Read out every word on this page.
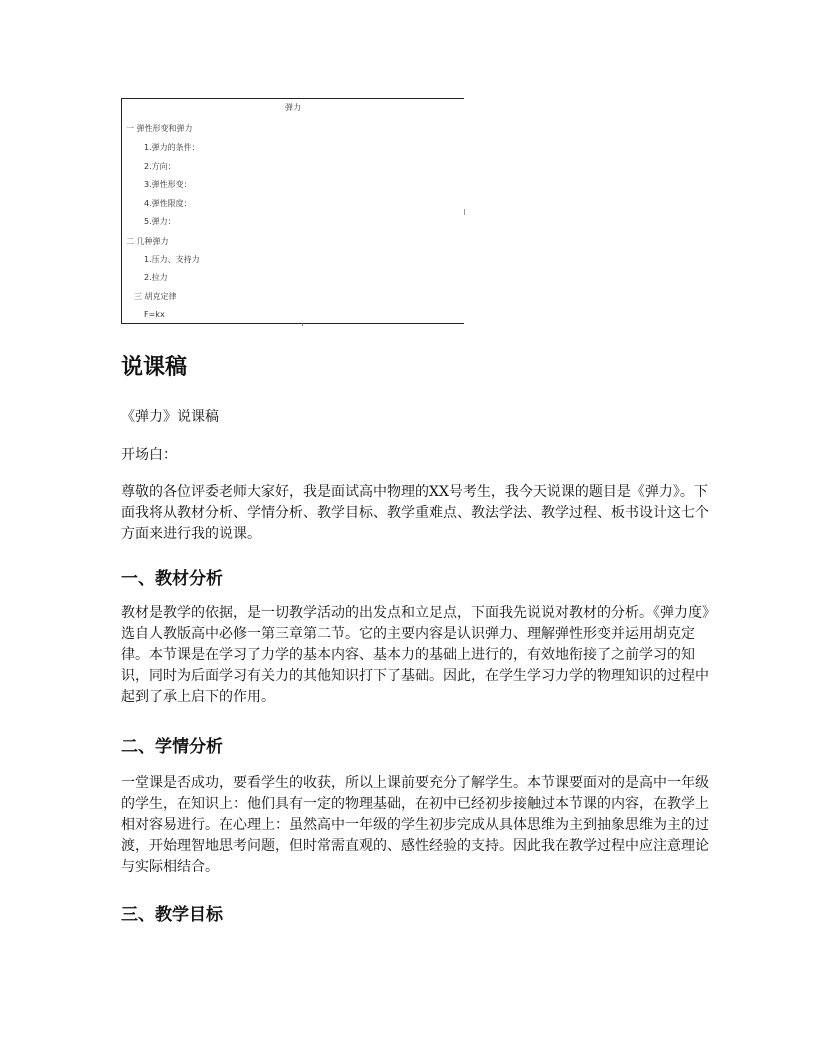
弹力
一 弹性形变和弹力
1.弹力的条件：
2.方向：
3.弹性形变：
4.弹性限度：
5.弹力：
二 几种弹力
1.压力、支持力
2.拉力
三 胡克定律
F=kx
说课稿

《弹力》说课稿

开场白：

尊敬的各位评委老师大家好，我是面试高中物理的XX号考生，我今天说课的题目是《弹力》。下面我将从教材分析、学情分析、教学目标、教学重难点、教法学法、教学过程、板书设计这七个方面来进行我的说课。

一、教材分析

教材是教学的依据，是一切教学活动的出发点和立足点，下面我先说说对教材的分析。《弹力度》选自人教版高中必修一第三章第二节。它的主要内容是认识弹力、理解弹性形变并运用胡克定律。本节课是在学习了力学的基本内容、基本力的基础上进行的，有效地衔接了之前学习的知识，同时为后面学习有关力的其他知识打下了基础。因此，在学生学习力学的物理知识的过程中起到了承上启下的作用。

二、学情分析

一堂课是否成功，要看学生的收获，所以上课前要充分了解学生。本节课要面对的是高中一年级的学生，在知识上：他们具有一定的物理基础，在初中已经初步接触过本节课的内容，在教学上相对容易进行。在心理上：虽然高中一年级的学生初步完成从具体思维为主到抽象思维为主的过渡，开始理智地思考问题，但时常需直观的、感性经验的支持。因此我在教学过程中应注意理论与实际相结合。

三、教学目标
